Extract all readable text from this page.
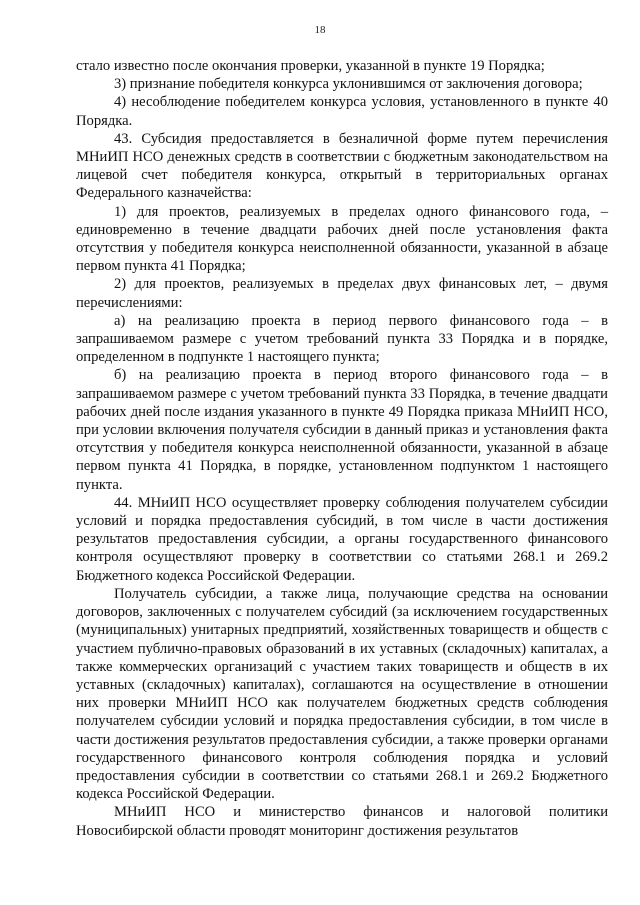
18

стало известно после окончания проверки, указанной в пункте 19 Порядка;

3) признание победителя конкурса уклонившимся от заключения договора;

4) несоблюдение победителем конкурса условия, установленного в пункте 40 Порядка.

43. Субсидия предоставляется в безналичной форме путем перечисления МНиИП НСО денежных средств в соответствии с бюджетным законодательством на лицевой счет победителя конкурса, открытый в территориальных органах Федерального казначейства:

1) для проектов, реализуемых в пределах одного финансового года, – единовременно в течение двадцати рабочих дней после установления факта отсутствия у победителя конкурса неисполненной обязанности, указанной в абзаце первом пункта 41 Порядка;

2) для проектов, реализуемых в пределах двух финансовых лет, – двумя перечислениями:

а) на реализацию проекта в период первого финансового года – в запрашиваемом размере с учетом требований пункта 33 Порядка и в порядке, определенном в подпункте 1 настоящего пункта;

б) на реализацию проекта в период второго финансового года – в запрашиваемом размере с учетом требований пункта 33 Порядка, в течение двадцати рабочих дней после издания указанного в пункте 49 Порядка приказа МНиИП НСО, при условии включения получателя субсидии в данный приказ и установления факта отсутствия у победителя конкурса неисполненной обязанности, указанной в абзаце первом пункта 41 Порядка, в порядке, установленном подпунктом 1 настоящего пункта.

44. МНиИП НСО осуществляет проверку соблюдения получателем субсидии условий и порядка предоставления субсидий, в том числе в части достижения результатов предоставления субсидии, а органы государственного финансового контроля осуществляют проверку в соответствии со статьями 268.1 и 269.2 Бюджетного кодекса Российской Федерации.

Получатель субсидии, а также лица, получающие средства на основании договоров, заключенных с получателем субсидий (за исключением государственных (муниципальных) унитарных предприятий, хозяйственных товариществ и обществ с участием публично-правовых образований в их уставных (складочных) капиталах, а также коммерческих организаций с участием таких товариществ и обществ в их уставных (складочных) капиталах), соглашаются на осуществление в отношении них проверки МНиИП НСО как получателем бюджетных средств соблюдения получателем субсидии условий и порядка предоставления субсидии, в том числе в части достижения результатов предоставления субсидии, а также проверки органами государственного финансового контроля соблюдения порядка и условий предоставления субсидии в соответствии со статьями 268.1 и 269.2 Бюджетного кодекса Российской Федерации.

МНиИП НСО и министерство финансов и налоговой политики Новосибирской области проводят мониторинг достижения результатов
